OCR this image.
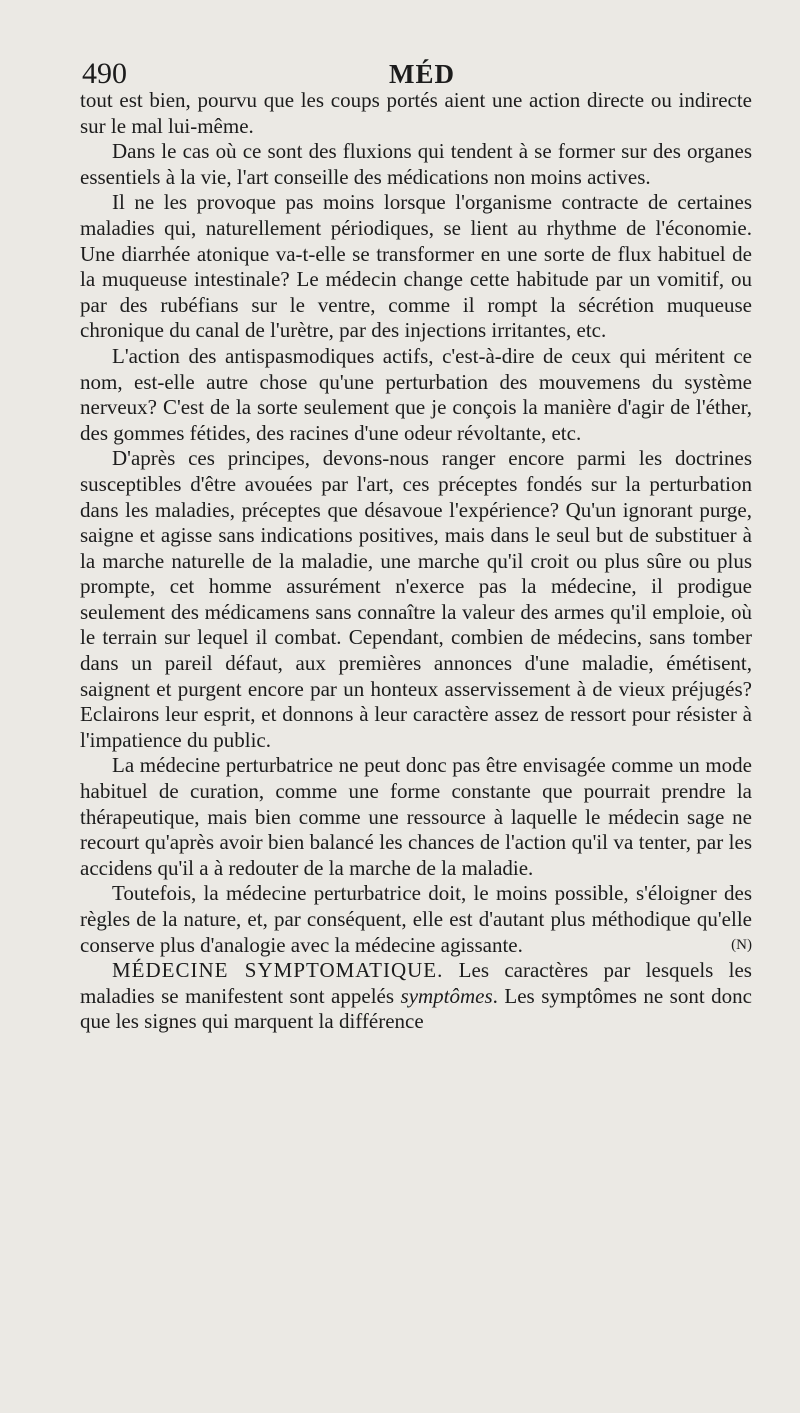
490	MÉD

tout est bien, pourvu que les coups portés aient une action directe ou indirecte sur le mal lui-même.

Dans le cas où ce sont des fluxions qui tendent à se former sur des organes essentiels à la vie, l'art conseille des médications non moins actives.

Il ne les provoque pas moins lorsque l'organisme contracte de certaines maladies qui, naturellement périodiques, se lient au rhythme de l'économie. Une diarrhée atonique va-t-elle se transformer en une sorte de flux habituel de la muqueuse intestinale? Le médecin change cette habitude par un vomitif, ou par des rubéfians sur le ventre, comme il rompt la sécrétion muqueuse chronique du canal de l'urètre, par des injections irritantes, etc.

L'action des antispasmodiques actifs, c'est-à-dire de ceux qui méritent ce nom, est-elle autre chose qu'une perturbation des mouvemens du système nerveux? C'est de la sorte seulement que je conçois la manière d'agir de l'éther, des gommes fétides, des racines d'une odeur révoltante, etc.

D'après ces principes, devons-nous ranger encore parmi les doctrines susceptibles d'être avouées par l'art, ces préceptes fondés sur la perturbation dans les maladies, préceptes que désavoue l'expérience? Qu'un ignorant purge, saigne et agisse sans indications positives, mais dans le seul but de substituer à la marche naturelle de la maladie, une marche qu'il croit ou plus sûre ou plus prompte, cet homme assurément n'exerce pas la médecine, il prodigue seulement des médicamens sans connaître la valeur des armes qu'il emploie, où le terrain sur lequel il combat. Cependant, combien de médecins, sans tomber dans un pareil défaut, aux premières annonces d'une maladie, émétisent, saignent et purgent encore par un honteux asservissement à de vieux préjugés? Eclairons leur esprit, et donnons à leur caractère assez de ressort pour résister à l'impatience du public.

La médecine perturbatrice ne peut donc pas être envisagée comme un mode habituel de curation, comme une forme constante que pourrait prendre la thérapeutique, mais bien comme une ressource à laquelle le médecin sage ne recourt qu'après avoir bien balancé les chances de l'action qu'il va tenter, par les accidens qu'il a à redouter de la marche de la maladie.

Toutefois, la médecine perturbatrice doit, le moins possible, s'éloigner des règles de la nature, et, par conséquent, elle est d'autant plus méthodique qu'elle conserve plus d'analogie avec la médecine agissante.	(N)

MÉDECINE SYMPTOMATIQUE. Les caractères par lesquels les maladies se manifestent sont appelés symptômes. Les symptômes ne sont donc que les signes qui marquent la différence
